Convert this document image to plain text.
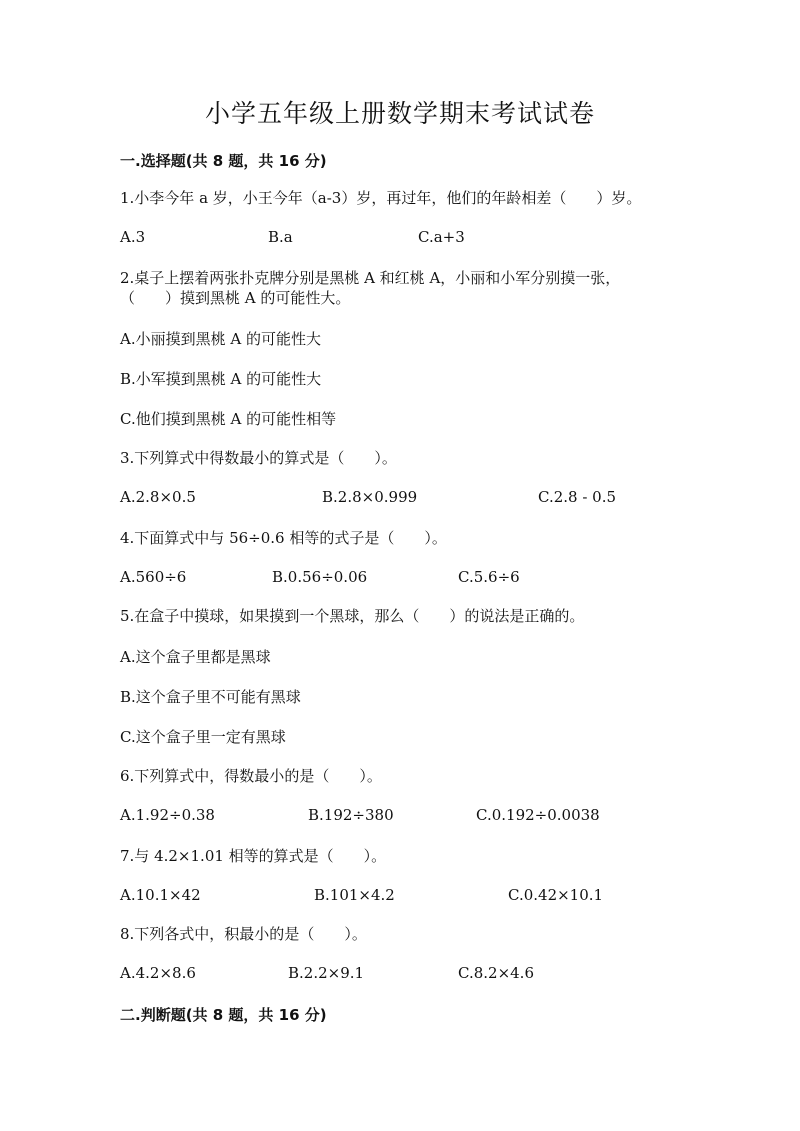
小学五年级上册数学期末考试试卷
一.选择题(共 8 题，共 16 分)
1.小李今年 a 岁，小王今年（a-3）岁，再过年，他们的年龄相差（　　）岁。
A.3	B.a	C.a+3
2.桌子上摆着两张扑克牌分别是黑桃 A 和红桃 A，小丽和小军分别摸一张，
（　　）摸到黑桃 A 的可能性大。
A.小丽摸到黑桃 A 的可能性大
B.小军摸到黑桃 A 的可能性大
C.他们摸到黑桃 A 的可能性相等
3.下列算式中得数最小的算式是（　　）。
A.2.8×0.5	B.2.8×0.999	C.2.8 - 0.5
4.下面算式中与 56÷0.6 相等的式子是（　　）。
A.560÷6	B.0.56÷0.06	C.5.6÷6
5.在盒子中摸球，如果摸到一个黑球，那么（　　）的说法是正确的。
A.这个盒子里都是黑球
B.这个盒子里不可能有黑球
C.这个盒子里一定有黑球
6.下列算式中，得数最小的是（　　）。
A.1.92÷0.38	B.192÷380	C.0.192÷0.0038
7.与 4.2×1.01 相等的算式是（　　）。
A.10.1×42	B.101×4.2	C.0.42×10.1
8.下列各式中，积最小的是（　　）。
A.4.2×8.6	B.2.2×9.1	C.8.2×4.6
二.判断题(共 8 题，共 16 分)
